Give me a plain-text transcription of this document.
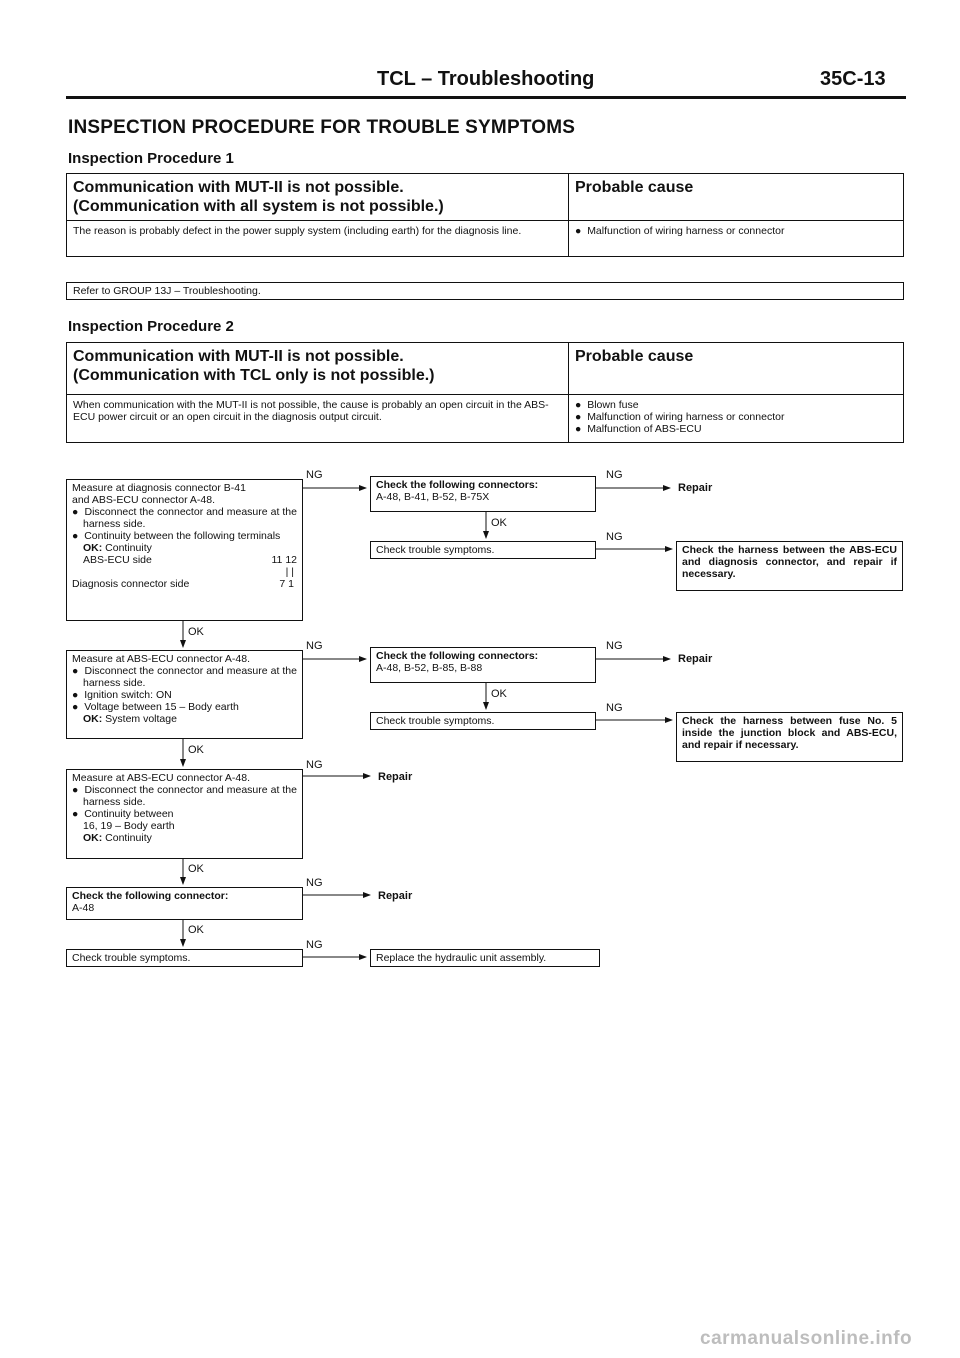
TCL – Troubleshooting	35C-13
INSPECTION PROCEDURE FOR TROUBLE SYMPTOMS
Inspection Procedure 1
Communication with MUT-II is not possible.
(Communication with all system is not possible.)	Probable cause

The reason is probably defect in the power supply system (including earth) for the diagnosis line.	● Malfunction of wiring harness or connector
Refer to GROUP 13J – Troubleshooting.
Inspection Procedure 2
Communication with MUT-II is not possible.
(Communication with TCL only is not possible.)	Probable cause

When communication with the MUT-II is not possible, the cause is probably an open circuit in the ABS-ECU power circuit or an open circuit in the diagnosis output circuit.	● Blown fuse
● Malfunction of wiring harness or connector
● Malfunction of ABS-ECU
Measure at diagnosis connector B-41
and ABS-ECU connector A-48.
● Disconnect the connector and measure at the harness side.
● Continuity between the following terminals
OK: Continuity
ABS-ECU side	11 12
| |
Diagnosis connector side	7 1
NG
Check the following connectors:
A-48, B-41, B-52, B-75X
NG
Repair
OK
Check trouble symptoms.
NG
Check the harness between the ABS-ECU and diagnosis connector, and repair if necessary.
OK
Measure at ABS-ECU connector A-48.
● Disconnect the connector and measure at the harness side.
● Ignition switch: ON
● Voltage between 15 – Body earth
OK: System voltage
NG
Check the following connectors:
A-48, B-52, B-85, B-88
NG
Repair
OK
Check trouble symptoms.
NG
Check the harness between fuse No. 5 inside the junction block and ABS-ECU, and repair if necessary.
OK
Measure at ABS-ECU connector A-48.
● Disconnect the connector and measure at the harness side.
● Continuity between
16, 19 – Body earth
OK: Continuity
NG
Repair
OK
Check the following connector:
A-48
NG
Repair
OK
Check trouble symptoms.
NG
Replace the hydraulic unit assembly.
carmanualsonline.info
